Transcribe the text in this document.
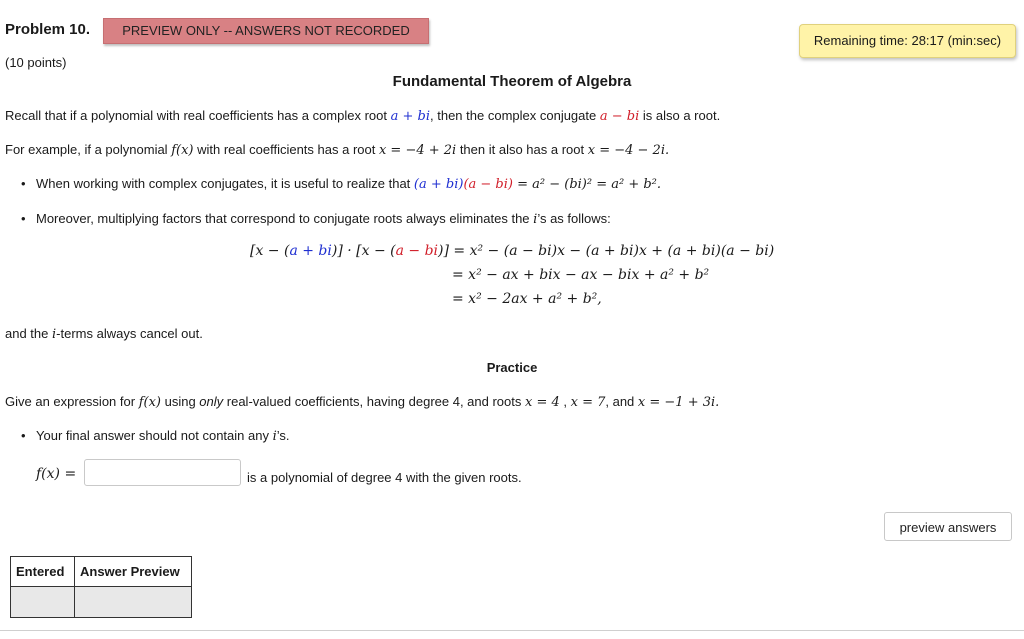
Problem 10.	PREVIEW ONLY -- ANSWERS NOT RECORDED
Remaining time: 28:17 (min:sec)
(10 points)
Fundamental Theorem of Algebra
Recall that if a polynomial with real coefficients has a complex root a + bi, then the complex conjugate a − bi is also a root.
For example, if a polynomial f(x) with real coefficients has a root x = −4 + 2i then it also has a root x = −4 − 2i.
• When working with complex conjugates, it is useful to realize that (a + bi)(a − bi) = a² − (bi)² = a² + b².
• Moreover, multiplying factors that correspond to conjugate roots always eliminates the i’s as follows:
[x − (a + bi)] · [x − (a − bi)] = x² − (a − bi)x − (a + bi)x + (a + bi)(a − bi)
= x² − ax + bix − ax − bix + a² + b²
= x² − 2ax + a² + b²,
and the i-terms always cancel out.
Practice
Give an expression for f(x) using only real-valued coefficients, having degree 4, and roots x = 4 , x = 7, and x = −1 + 3i.
• Your final answer should not contain any i’s.
f(x) =	is a polynomial of degree 4 with the given roots.
preview answers
Entered	Answer Preview
